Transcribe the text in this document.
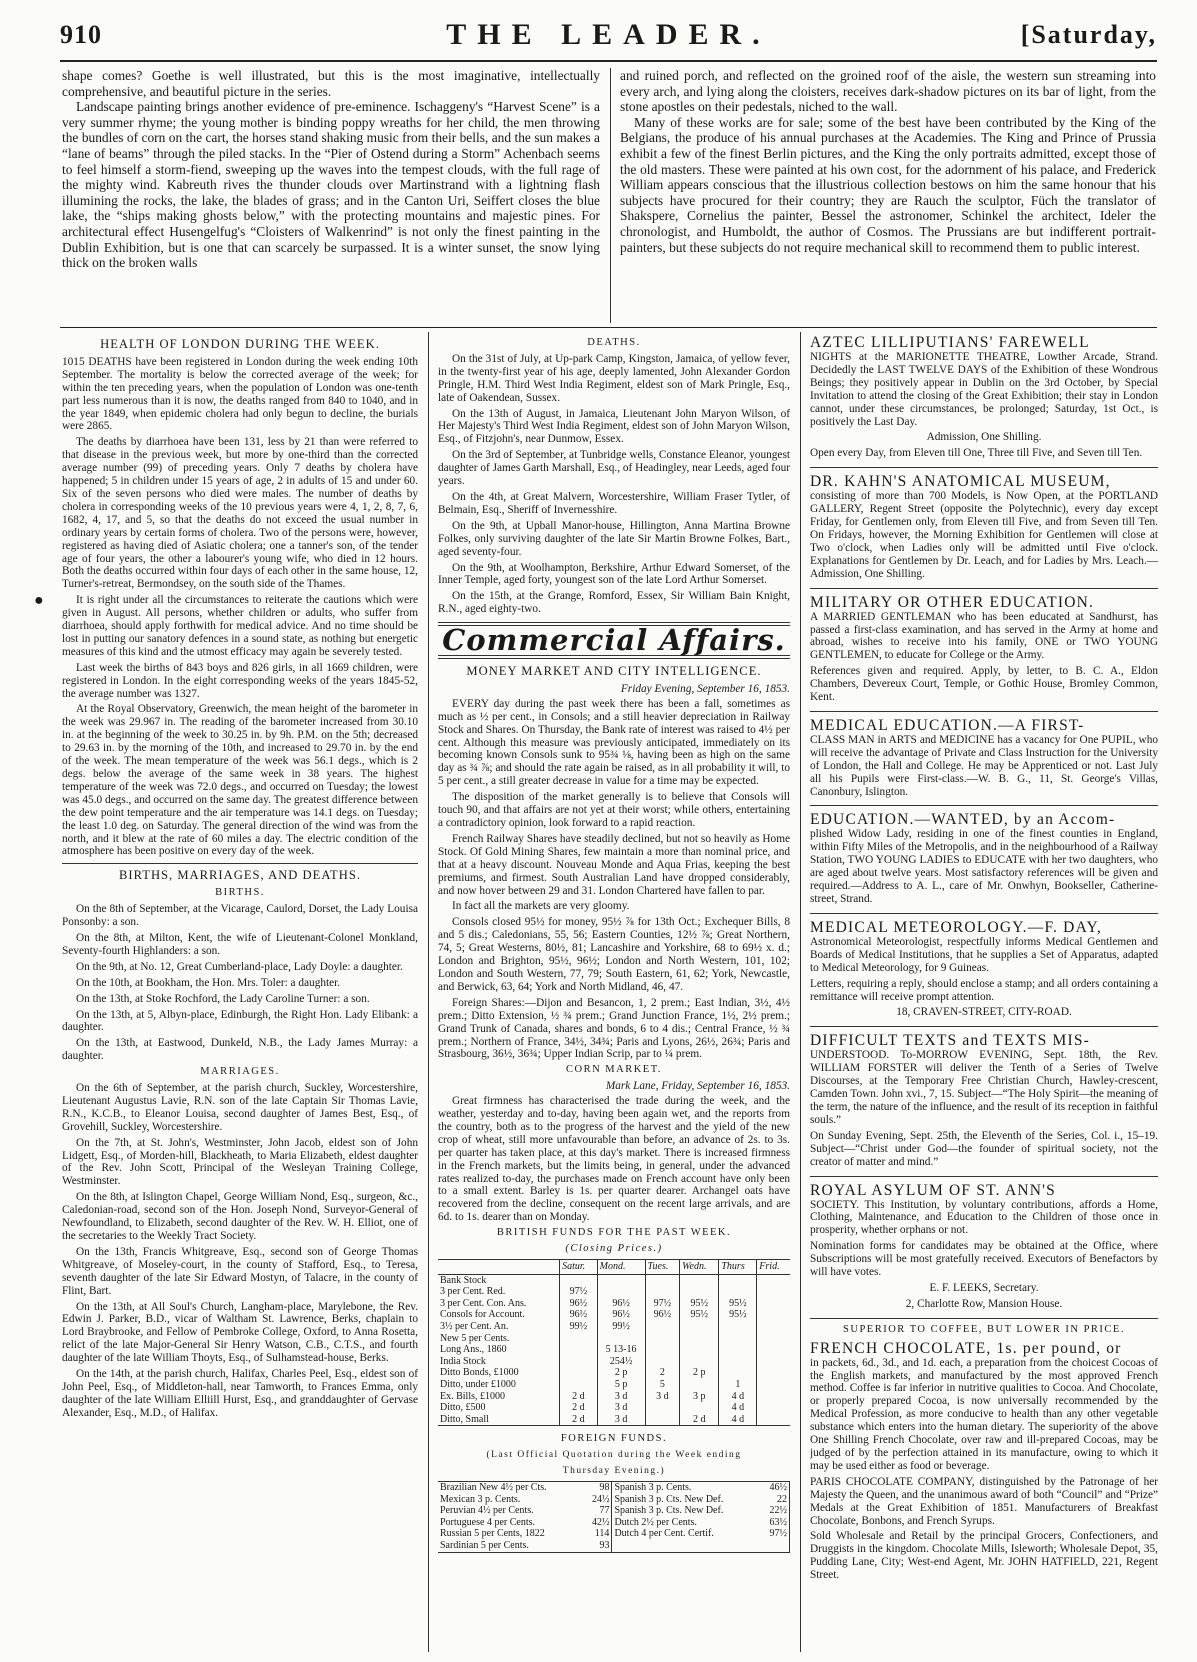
910	THE LEADER.	[Saturday,

shape comes? Goethe is well illustrated, but this is the most imaginative, intellectually comprehensive, and beautiful picture in the series.

Landscape painting brings another evidence of pre-eminence. Ischaggeny's “Harvest Scene” is a very summer rhyme; the young mother is binding poppy wreaths for her child, the men throwing the bundles of corn on the cart, the horses stand shaking music from their bells, and the sun makes a “lane of beams” through the piled stacks. In the “Pier of Ostend during a Storm” Achenbach seems to feel himself a storm-fiend, sweeping up the waves into the tempest clouds, with the full rage of the mighty wind. Kabreuth rives the thunder clouds over Martinstrand with a lightning flash illumining the rocks, the lake, the blades of grass; and in the Canton Uri, Seiffert closes the blue lake, the “ships making ghosts below,” with the protecting mountains and majestic pines. For architectural effect Husengelfug's “Cloisters of Walkenrind” is not only the finest painting in the Dublin Exhibition, but is one that can scarcely be surpassed. It is a winter sunset, the snow lying thick on the broken walls

and ruined porch, and reflected on the groined roof of the aisle, the western sun streaming into every arch, and lying along the cloisters, receives dark-shadow pictures on its bar of light, from the stone apostles on their pedestals, niched to the wall.

Many of these works are for sale; some of the best have been contributed by the King of the Belgians, the produce of his annual purchases at the Academies. The King and Prince of Prussia exhibit a few of the finest Berlin pictures, and the King the only portraits admitted, except those of the old masters. These were painted at his own cost, for the adornment of his palace, and Frederick William appears conscious that the illustrious collection bestows on him the same honour that his subjects have procured for their country; they are Rauch the sculptor, Füch the translator of Shakspere, Cornelius the painter, Bessel the astronomer, Schinkel the architect, Ideler the chronologist, and Humboldt, the author of Cosmos. The Prussians are but indifferent portrait-painters, but these subjects do not require mechanical skill to recommend them to public interest.

HEALTH OF LONDON DURING THE WEEK.

1015 DEATHS have been registered in London during the week ending 10th September. The mortality is below the corrected average of the week; for within the ten preceding years, when the population of London was one-tenth part less numerous than it is now, the deaths ranged from 840 to 1040, and in the year 1849, when epidemic cholera had only begun to decline, the burials were 2865.

The deaths by diarrhoea have been 131, less by 21 than were referred to that disease in the previous week, but more by one-third than the corrected average number (99) of preceding years. Only 7 deaths by cholera have happened; 5 in children under 15 years of age, 2 in adults of 15 and under 60. Six of the seven persons who died were males. The number of deaths by cholera in corresponding weeks of the 10 previous years were 4, 1, 2, 8, 7, 6, 1682, 4, 17, and 5, so that the deaths do not exceed the usual number in ordinary years by certain forms of cholera. Two of the persons were, however, registered as having died of Asiatic cholera; one a tanner's son, of the tender age of four years, the other a labourer's young wife, who died in 12 hours. Both the deaths occurred within four days of each other in the same house, 12, Turner's-retreat, Bermondsey, on the south side of the Thames.

It is right under all the circumstances to reiterate the cautions which were given in August. All persons, whether children or adults, who suffer from diarrhoea, should apply forthwith for medical advice. And no time should be lost in putting our sanatory defences in a sound state, as nothing but energetic measures of this kind and the utmost efficacy may again be severely tested.

Last week the births of 843 boys and 826 girls, in all 1669 children, were registered in London. In the eight corresponding weeks of the years 1845-52, the average number was 1327.

At the Royal Observatory, Greenwich, the mean height of the barometer in the week was 29.967 in. The reading of the barometer increased from 30.10 in. at the beginning of the week to 30.25 in. by 9h. P.M. on the 5th; decreased to 29.63 in. by the morning of the 10th, and increased to 29.70 in. by the end of the week. The mean temperature of the week was 56.1 degs., which is 2 degs. below the average of the same week in 38 years. The highest temperature of the week was 72.0 degs., and occurred on Tuesday; the lowest was 45.0 degs., and occurred on the same day. The greatest difference between the dew point temperature and the air temperature was 14.1 degs. on Tuesday; the least 1.0 deg. on Saturday. The general direction of the wind was from the north, and it blew at the rate of 60 miles a day. The electric condition of the atmosphere has been positive on every day of the week.

BIRTHS, MARRIAGES, AND DEATHS.
BIRTHS.

On the 8th of September, at the Vicarage, Caulord, Dorset, the Lady Louisa Ponsonby: a son.

On the 8th, at Milton, Kent, the wife of Lieutenant-Colonel Monkland, Seventy-fourth Highlanders: a son.

On the 9th, at No. 12, Great Cumberland-place, Lady Doyle: a daughter.

On the 10th, at Bookham, the Hon. Mrs. Toler: a daughter.

On the 13th, at Stoke Rochford, the Lady Caroline Turner: a son.

On the 13th, at 5, Albyn-place, Edinburgh, the Right Hon. Lady Elibank: a daughter.

On the 13th, at Eastwood, Dunkeld, N.B., the Lady James Murray: a daughter.

MARRIAGES.

On the 6th of September, at the parish church, Suckley, Worcestershire, Lieutenant Augustus Lavie, R.N. son of the late Captain Sir Thomas Lavie, R.N., K.C.B., to Eleanor Louisa, second daughter of James Best, Esq., of Grovehill, Suckley, Worcestershire.

On the 7th, at St. John's, Westminster, John Jacob, eldest son of John Lidgett, Esq., of Morden-hill, Blackheath, to Maria Elizabeth, eldest daughter of the Rev. John Scott, Principal of the Wesleyan Training College, Westminster.

On the 8th, at Islington Chapel, George William Nond, Esq., surgeon, &c., Caledonian-road, second son of the Hon. Joseph Nond, Surveyor-General of Newfoundland, to Elizabeth, second daughter of the Rev. W. H. Elliot, one of the secretaries to the Weekly Tract Society.

On the 13th, Francis Whitgreave, Esq., second son of George Thomas Whitgreave, of Moseley-court, in the county of Stafford, Esq., to Teresa, seventh daughter of the late Sir Edward Mostyn, of Talacre, in the county of Flint, Bart.

On the 13th, at All Soul's Church, Langham-place, Marylebone, the Rev. Edwin J. Parker, B.D., vicar of Waltham St. Lawrence, Berks, chaplain to Lord Braybrooke, and Fellow of Pembroke College, Oxford, to Anna Rosetta, relict of the late Major-General Sir Henry Watson, C.B., C.T.S., and fourth daughter of the late William Thoyts, Esq., of Sulhamstead-house, Berks.

On the 14th, at the parish church, Halifax, Charles Peel, Esq., eldest son of John Peel, Esq., of Middleton-hall, near Tamworth, to Frances Emma, only daughter of the late William Elliill Hurst, Esq., and granddaughter of Gervase Alexander, Esq., M.D., of Halifax.

DEATHS.

On the 31st of July, at Up-park Camp, Kingston, Jamaica, of yellow fever, in the twenty-first year of his age, deeply lamented, John Alexander Gordon Pringle, H.M. Third West India Regiment, eldest son of Mark Pringle, Esq., late of Oakendean, Sussex.

On the 13th of August, in Jamaica, Lieutenant John Maryon Wilson, of Her Majesty's Third West India Regiment, eldest son of John Maryon Wilson, Esq., of Fitzjohn's, near Dunmow, Essex.

On the 3rd of September, at Tunbridge wells, Constance Eleanor, youngest daughter of James Garth Marshall, Esq., of Headingley, near Leeds, aged four years.

On the 4th, at Great Malvern, Worcestershire, William Fraser Tytler, of Belmain, Esq., Sheriff of Invernesshire.

On the 9th, at Upball Manor-house, Hillington, Anna Martina Browne Folkes, only surviving daughter of the late Sir Martin Browne Folkes, Bart., aged seventy-four.

On the 9th, at Woolhampton, Berkshire, Arthur Edward Somerset, of the Inner Temple, aged forty, youngest son of the late Lord Arthur Somerset.

On the 15th, at the Grange, Romford, Essex, Sir William Bain Knight, R.N., aged eighty-two.

Commercial Affairs.
MONEY MARKET AND CITY INTELLIGENCE.
Friday Evening, September 16, 1853.

EVERY day during the past week there has been a fall, sometimes as much as ½ per cent., in Consols; and a still heavier depreciation in Railway Stock and Shares. On Thursday, the Bank rate of interest was raised to 4½ per cent. Although this measure was previously anticipated, immediately on its becoming known Consols sunk to 95¾ ⅛, having been as high on the same day as ¾ ⅞; and should the rate again be raised, as in all probability it will, to 5 per cent., a still greater decrease in value for a time may be expected.

The disposition of the market generally is to believe that Consols will touch 90, and that affairs are not yet at their worst; while others, entertaining a contradictory opinion, look forward to a rapid reaction.

French Railway Shares have steadily declined, but not so heavily as Home Stock. Of Gold Mining Shares, few maintain a more than nominal price, and that at a heavy discount. Nouveau Monde and Aqua Frias, keeping the best premiums, and firmest. South Australian Land have dropped considerably, and now hover between 29 and 31. London Chartered have fallen to par.

In fact all the markets are very gloomy.

Consols closed 95½ for money, 95½ ⅞ for 13th Oct.; Exchequer Bills, 8 and 5 dis.; Caledonians, 55, 56; Eastern Counties, 12½ ⅞; Great Northern, 74, 5; Great Westerns, 80½, 81; Lancashire and Yorkshire, 68 to 69½ x. d.; London and Brighton, 95½, 96½; London and North Western, 101, 102; London and South Western, 77, 79; South Eastern, 61, 62; York, Newcastle, and Berwick, 63, 64; York and North Midland, 46, 47.

Foreign Shares:—Dijon and Besancon, 1, 2 prem.; East Indian, 3½, 4½ prem.; Ditto Extension, ½ ¾ prem.; Grand Junction France, 1½, 2½ prem.; Grand Trunk of Canada, shares and bonds, 6 to 4 dis.; Central France, ½ ¾ prem.; Northern of France, 34½, 34¾; Paris and Lyons, 26½, 26¾; Paris and Strasbourg, 36½, 36¾; Upper Indian Scrip, par to ¼ prem.

CORN MARKET.
Mark Lane, Friday, September 16, 1853.

Great firmness has characterised the trade during the week, and the weather, yesterday and to-day, having been again wet, and the reports from the country, both as to the progress of the harvest and the yield of the new crop of wheat, still more unfavourable than before, an advance of 2s. to 3s. per quarter has taken place, at this day's market. There is increased firmness in the French markets, but the limits being, in general, under the advanced rates realized to-day, the purchases made on French account have only been to a small extent. Barley is 1s. per quarter dearer. Archangel oats have recovered from the decline, consequent on the recent large arrivals, and are 6d. to 1s. dearer than on Monday.

BRITISH FUNDS FOR THE PAST WEEK.
(Closing Prices.)
	Satur.	Mond.	Tues.	Wedn.	Thurs	Frid.
Bank Stock						
3 per Cent. Red.	97½					
3 per Cent. Con. Ans.	96½	96½	97½	95½	95½	
Consols for Account.	96½	96½	96½	95½	95½	
3½ per Cent. An.	99½	99½				
New 5 per Cents.						
Long Ans., 1860		5 13-16				
India Stock		254½				
Ditto Bonds, £1000		2 p	2	2 p		
Ditto, under £1000		5 p	5		1	
Ex. Bills, £1000	2 d	3 d	3 d	3 p	4 d	
Ditto, £500	2 d	3 d			4 d	
Ditto, Small	2 d	3 d		2 d	4 d	
FOREIGN FUNDS.
(Last Official Quotation during the Week ending
Thursday Evening.)
Brazilian New 4½ per Cts.	98	Spanish 3 p. Cents.	46½
Mexican 3 p. Cents.	24½	Spanish 3 p. Cts. New Def.	22
Peruvian 4½ per Cents.	77	Spanish 3 p. Cts. New Def.	22½
Portuguese 4 per Cents.	42½	Dutch 2½ per Cents.	63½
Russian 5 per Cents, 1822	114	Dutch 4 per Cent. Certif.	97½
Sardinian 5 per Cents.	93		
AZTEC LILLIPUTIANS' FAREWELL

NIGHTS at the MARIONETTE THEATRE, Lowther Arcade, Strand. Decidedly the LAST TWELVE DAYS of the Exhibition of these Wondrous Beings; they positively appear in Dublin on the 3rd October, by Special Invitation to attend the closing of the Great Exhibition; their stay in London cannot, under these circumstances, be prolonged; Saturday, 1st Oct., is positively the Last Day.

Admission, One Shilling.

Open every Day, from Eleven till One, Three till Five, and Seven till Ten.

DR. KAHN'S ANATOMICAL MUSEUM,

consisting of more than 700 Models, is Now Open, at the PORTLAND GALLERY, Regent Street (opposite the Polytechnic), every day except Friday, for Gentlemen only, from Eleven till Five, and from Seven till Ten. On Fridays, however, the Morning Exhibition for Gentlemen will close at Two o'clock, when Ladies only will be admitted until Five o'clock. Explanations for Gentlemen by Dr. Leach, and for Ladies by Mrs. Leach.—Admission, One Shilling.

MILITARY OR OTHER EDUCATION.

A MARRIED GENTLEMAN who has been educated at Sandhurst, has passed a first-class examination, and has served in the Army at home and abroad, wishes to receive into his family, ONE or TWO YOUNG GENTLEMEN, to educate for College or the Army.

References given and required. Apply, by letter, to B. C. A., Eldon Chambers, Devereux Court, Temple, or Gothic House, Bromley Common, Kent.

MEDICAL EDUCATION.—A FIRST-

CLASS MAN in ARTS and MEDICINE has a vacancy for One PUPIL, who will receive the advantage of Private and Class Instruction for the University of London, the Hall and College. He may be Apprenticed or not. Last July all his Pupils were First-class.—W. B. G., 11, St. George's Villas, Canonbury, Islington.

EDUCATION.—WANTED, by an Accom-

plished Widow Lady, residing in one of the finest counties in England, within Fifty Miles of the Metropolis, and in the neighbourhood of a Railway Station, TWO YOUNG LADIES to EDUCATE with her two daughters, who are aged about twelve years. Most satisfactory references will be given and required.—Address to A. L., care of Mr. Onwhyn, Bookseller, Catherine-street, Strand.

MEDICAL METEOROLOGY.—F. DAY,

Astronomical Meteorologist, respectfully informs Medical Gentlemen and Boards of Medical Institutions, that he supplies a Set of Apparatus, adapted to Medical Meteorology, for 9 Guineas.

Letters, requiring a reply, should enclose a stamp; and all orders containing a remittance will receive prompt attention.

18, CRAVEN-STREET, CITY-ROAD.

DIFFICULT TEXTS and TEXTS MIS-

UNDERSTOOD. To-MORROW EVENING, Sept. 18th, the Rev. WILLIAM FORSTER will deliver the Tenth of a Series of Twelve Discourses, at the Temporary Free Christian Church, Hawley-crescent, Camden Town. John xvi., 7, 15. Subject—“The Holy Spirit—the meaning of the term, the nature of the influence, and the result of its reception in faithful souls.”

On Sunday Evening, Sept. 25th, the Eleventh of the Series, Col. i., 15–19. Subject—“Christ under God—the founder of spiritual society, not the creator of matter and mind.”

ROYAL ASYLUM OF ST. ANN'S

SOCIETY. This Institution, by voluntary contributions, affords a Home, Clothing, Maintenance, and Education to the Children of those once in prosperity, whether orphans or not.

Nomination forms for candidates may be obtained at the Office, where Subscriptions will be most gratefully received. Executors of Benefactors by will have votes.

E. F. LEEKS, Secretary.

2, Charlotte Row, Mansion House.

SUPERIOR TO COFFEE, BUT LOWER IN PRICE.
FRENCH CHOCOLATE, 1s. per pound, or

in packets, 6d., 3d., and 1d. each, a preparation from the choicest Cocoas of the English markets, and manufactured by the most approved French method. Coffee is far inferior in nutritive qualities to Cocoa. And Chocolate, or properly prepared Cocoa, is now universally recommended by the Medical Profession, as more conducive to health than any other vegetable substance which enters into the human dietary. The superiority of the above One Shilling French Chocolate, over raw and ill-prepared Cocoas, may be judged of by the perfection attained in its manufacture, owing to which it may be used either as food or beverage.

PARIS CHOCOLATE COMPANY, distinguished by the Patronage of her Majesty the Queen, and the unanimous award of both “Council” and “Prize” Medals at the Great Exhibition of 1851. Manufacturers of Breakfast Chocolate, Bonbons, and French Syrups.

Sold Wholesale and Retail by the principal Grocers, Confectioners, and Druggists in the kingdom. Chocolate Mills, Isleworth; Wholesale Depot, 35, Pudding Lane, City; West-end Agent, Mr. JOHN HATFIELD, 221, Regent Street.

●
